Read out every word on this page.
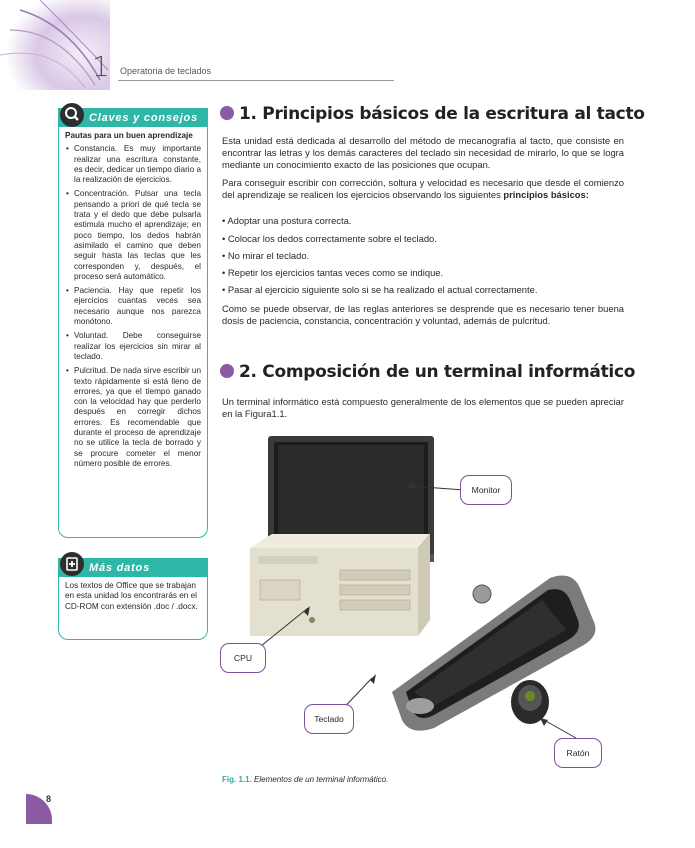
1 Operatoria de teclados
Claves y consejos
Pautas para un buen aprendizaje
• Constancia. Es muy importante realizar una escritura constante, es decir, dedicar un tiempo diario a la realización de ejercicios.
• Concentración. Pulsar una tecla pensando a priori de qué tecla se trata y el dedo que debe pulsarla estimula mucho el aprendizaje; en poco tiempo, los dedos habrán asimilado el camino que deben seguir hasta las teclas que les corresponden y, después, el proceso será automático.
• Paciencia. Hay que repetir los ejercicios cuantas veces sea necesario aunque nos parezca monótono.
• Voluntad. Debe conseguirse realizar los ejercicios sin mirar al teclado.
• Pulcritud. De nada sirve escribir un texto rápidamente si está lleno de errores, ya que el tiempo ganado con la velocidad hay que perderlo después en corregir dichos errores. Es recomendable que durante el proceso de aprendizaje no se utilice la tecla de borrado y se procure cometer el menor número posible de errores.
Más datos
Los textos de Office que se trabajan en esta unidad los encontrarás en el CD-ROM con extensión .doc / .docx.
1. Principios básicos de la escritura al tacto
Esta unidad está dedicada al desarrollo del método de mecanografía al tacto, que consiste en encontrar las letras y los demás caracteres del teclado sin necesidad de mirarlo, lo que se logra mediante un conocimiento exacto de las posiciones que ocupan.
Para conseguir escribir con corrección, soltura y velocidad es necesario que desde el comienzo del aprendizaje se realicen los ejercicios observando los siguientes principios básicos:
• Adoptar una postura correcta.
• Colocar los dedos correctamente sobre el teclado.
• No mirar el teclado.
• Repetir los ejercicios tantas veces como se indique.
• Pasar al ejercicio siguiente solo si se ha realizado el actual correctamente.
Como se puede observar, de las reglas anteriores se desprende que es necesario tener buena dosis de paciencia, constancia, concentración y voluntad, además de pulcritud.
2. Composición de un terminal informático
Un terminal informático está compuesto generalmente de los elementos que se pueden apreciar en la Figura1.1.
Monitor
CPU
Teclado
Ratón
Fig. 1.1. Elementos de un terminal informático.
8
